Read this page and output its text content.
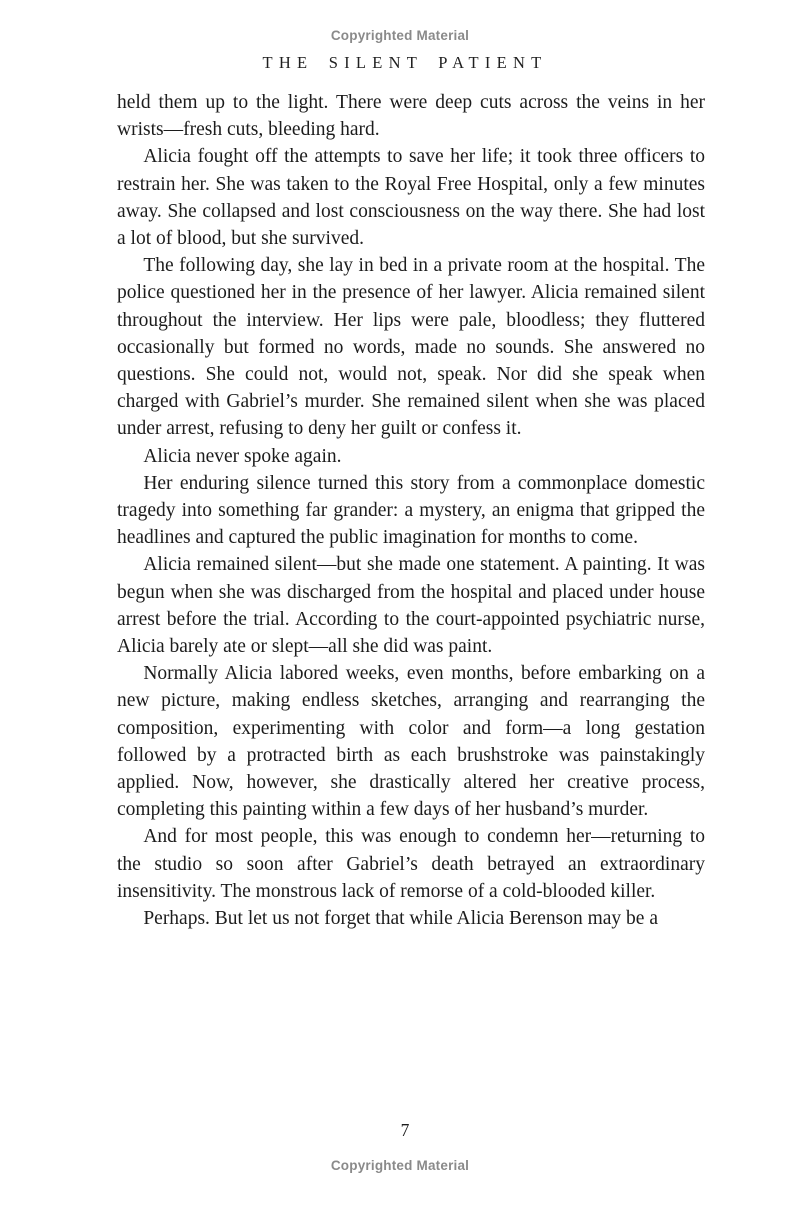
Copyrighted Material
THE SILENT PATIENT

held them up to the light. There were deep cuts across the veins in her wrists—fresh cuts, bleeding hard.

Alicia fought off the attempts to save her life; it took three officers to restrain her. She was taken to the Royal Free Hospital, only a few minutes away. She collapsed and lost consciousness on the way there. She had lost a lot of blood, but she survived.

The following day, she lay in bed in a private room at the hospital. The police questioned her in the presence of her lawyer. Alicia remained silent throughout the interview. Her lips were pale, bloodless; they fluttered occasionally but formed no words, made no sounds. She answered no questions. She could not, would not, speak. Nor did she speak when charged with Gabriel’s murder. She remained silent when she was placed under arrest, refusing to deny her guilt or confess it.

Alicia never spoke again.

Her enduring silence turned this story from a commonplace domestic tragedy into something far grander: a mystery, an enigma that gripped the headlines and captured the public imagination for months to come.

Alicia remained silent—but she made one statement. A painting. It was begun when she was discharged from the hospital and placed under house arrest before the trial. According to the court-appointed psychiatric nurse, Alicia barely ate or slept—all she did was paint.

Normally Alicia labored weeks, even months, before embarking on a new picture, making endless sketches, arranging and rearranging the composition, experimenting with color and form—a long gestation followed by a protracted birth as each brushstroke was painstakingly applied. Now, however, she drastically altered her creative process, completing this painting within a few days of her husband’s murder.

And for most people, this was enough to condemn her—returning to the studio so soon after Gabriel’s death betrayed an extraordinary insensitivity. The monstrous lack of remorse of a cold-blooded killer.

Perhaps. But let us not forget that while Alicia Berenson may be a

7
Copyrighted Material
